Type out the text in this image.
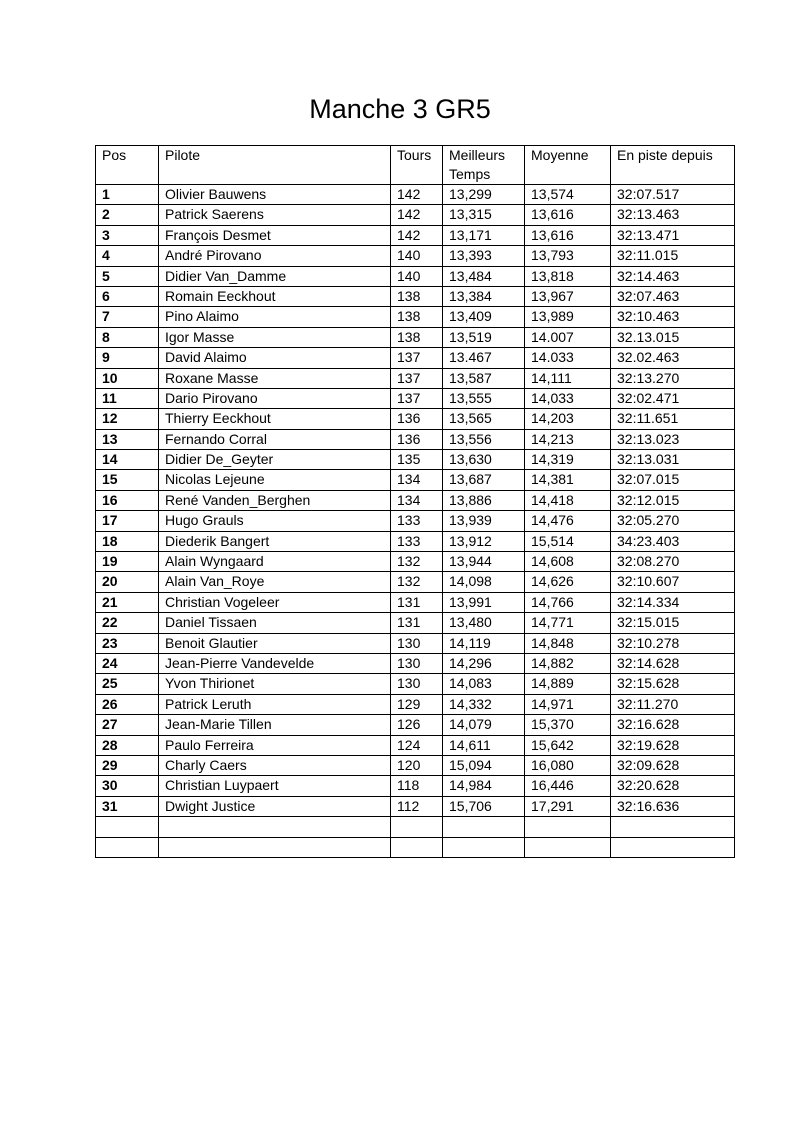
Manche 3 GR5
Pos	Pilote	Tours	Meilleurs Temps	Moyenne	En piste depuis
1	Olivier Bauwens	142	13,299	13,574	32:07.517
2	Patrick Saerens	142	13,315	13,616	32:13.463
3	François Desmet	142	13,171	13,616	32:13.471
4	André Pirovano	140	13,393	13,793	32:11.015
5	Didier Van_Damme	140	13,484	13,818	32:14.463
6	Romain Eeckhout	138	13,384	13,967	32:07.463
7	Pino Alaimo	138	13,409	13,989	32:10.463
8	Igor Masse	138	13,519	14.007	32.13.015
9	David Alaimo	137	13.467	14.033	32.02.463
10	Roxane Masse	137	13,587	14,111	32:13.270
11	Dario Pirovano	137	13,555	14,033	32:02.471
12	Thierry Eeckhout	136	13,565	14,203	32:11.651
13	Fernando Corral	136	13,556	14,213	32:13.023
14	Didier De_Geyter	135	13,630	14,319	32:13.031
15	Nicolas Lejeune	134	13,687	14,381	32:07.015
16	René Vanden_Berghen	134	13,886	14,418	32:12.015
17	Hugo Grauls	133	13,939	14,476	32:05.270
18	Diederik Bangert	133	13,912	15,514	34:23.403
19	Alain Wyngaard	132	13,944	14,608	32:08.270
20	Alain Van_Roye	132	14,098	14,626	32:10.607
21	Christian Vogeleer	131	13,991	14,766	32:14.334
22	Daniel Tissaen	131	13,480	14,771	32:15.015
23	Benoit Glautier	130	14,119	14,848	32:10.278
24	Jean-Pierre Vandevelde	130	14,296	14,882	32:14.628
25	Yvon Thirionet	130	14,083	14,889	32:15.628
26	Patrick Leruth	129	14,332	14,971	32:11.270
27	Jean-Marie Tillen	126	14,079	15,370	32:16.628
28	Paulo Ferreira	124	14,611	15,642	32:19.628
29	Charly Caers	120	15,094	16,080	32:09.628
30	Christian Luypaert	118	14,984	16,446	32:20.628
31	Dwight Justice	112	15,706	17,291	32:16.636
